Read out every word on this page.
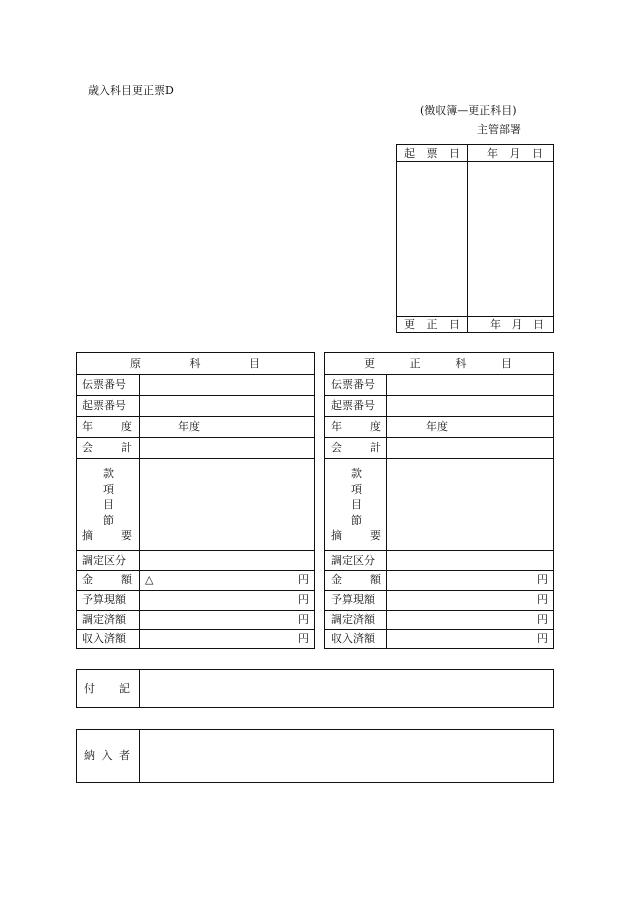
歳入科目更正票D
(徴収簿—更正科目)
主管部署
起 票 日 年 月 日
更 正 日	年 月 日
原	科	目
伝票番号
起票番号
年	度	年度
会	計
款
項
目
節
摘	要
調定区分
金	額 △	円
予算現額	円
調定済額	円
収入済額	円
更	正	科	目
伝票番号
起票番号
年	度	年度
会	計
款
項
目
節
摘	要
調定区分
金	額	円
予算現額	円
調定済額	円
収入済額	円
付 記
納 入 者
